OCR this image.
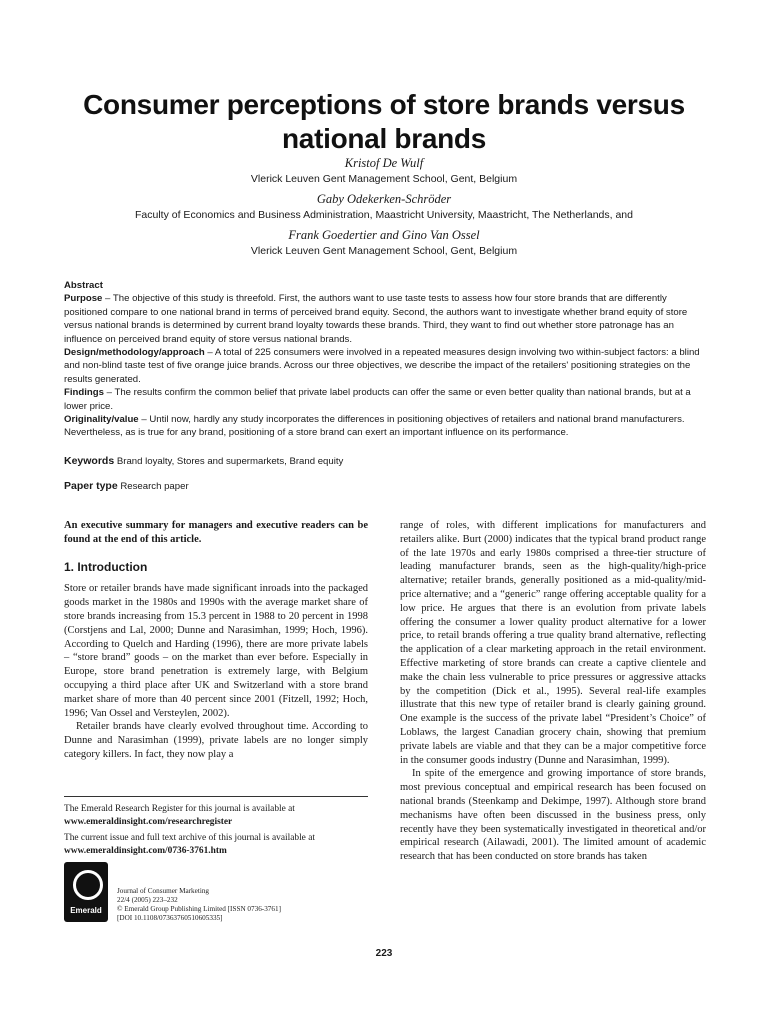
Consumer perceptions of store brands versus national brands
Kristof De Wulf
Vlerick Leuven Gent Management School, Gent, Belgium
Gaby Odekerken-Schröder
Faculty of Economics and Business Administration, Maastricht University, Maastricht, The Netherlands, and
Frank Goedertier and Gino Van Ossel
Vlerick Leuven Gent Management School, Gent, Belgium

Abstract

Purpose – The objective of this study is threefold. First, the authors want to use taste tests to assess how four store brands that are differently positioned compare to one national brand in terms of perceived brand equity. Second, the authors want to investigate whether brand equity of store versus national brands is determined by current brand loyalty towards these brands. Third, they want to find out whether store patronage has an influence on perceived brand equity of store versus national brands.

Design/methodology/approach – A total of 225 consumers were involved in a repeated measures design involving two within-subject factors: a blind and non-blind taste test of five orange juice brands. Across our three objectives, we describe the impact of the retailers' positioning strategies on the results generated.

Findings – The results confirm the common belief that private label products can offer the same or even better quality than national brands, but at a lower price.

Originality/value – Until now, hardly any study incorporates the differences in positioning objectives of retailers and national brand manufacturers. Nevertheless, as is true for any brand, positioning of a store brand can exert an important influence on its performance.

Keywords Brand loyalty, Stores and supermarkets, Brand equity
Paper type Research paper

An executive summary for managers and executive readers can be found at the end of this article.

1. Introduction

Store or retailer brands have made significant inroads into the packaged goods market in the 1980s and 1990s with the average market share of store brands increasing from 15.3 percent in 1988 to 20 percent in 1998 (Corstjens and Lal, 2000; Dunne and Narasimhan, 1999; Hoch, 1996). According to Quelch and Harding (1996), there are more private labels – “store brand” goods – on the market than ever before. Especially in Europe, store brand penetration is extremely large, with Belgium occupying a third place after UK and Switzerland with a store brand market share of more than 40 percent since 2001 (Fitzell, 1992; Hoch, 1996; Van Ossel and Versteylen, 2002).

Retailer brands have clearly evolved throughout time. According to Dunne and Narasimhan (1999), private labels are no longer simply category killers. In fact, they now play a

range of roles, with different implications for manufacturers and retailers alike. Burt (2000) indicates that the typical brand product range of the late 1970s and early 1980s comprised a three-tier structure of leading manufacturer brands, seen as the high-quality/high-price alternative; retailer brands, generally positioned as a mid-quality/mid-price alternative; and a “generic” range offering acceptable quality for a low price. He argues that there is an evolution from private labels offering the consumer a lower quality product alternative for a lower price, to retail brands offering a true quality brand alternative, reflecting the application of a clear marketing approach in the retail environment. Effective marketing of store brands can create a captive clientele and make the chain less vulnerable to price pressures or aggressive attacks by the competition (Dick et al., 1995). Several real-life examples illustrate that this new type of retailer brand is clearly gaining ground. One example is the success of the private label “President’s Choice” of Loblaws, the largest Canadian grocery chain, showing that premium private labels are viable and that they can be a major competitive force in the consumer goods industry (Dunne and Narasimhan, 1999).

In spite of the emergence and growing importance of store brands, most previous conceptual and empirical research has been focused on national brands (Steenkamp and Dekimpe, 1997). Although store brand mechanisms have often been discussed in the business press, only recently have they been systematically investigated in theoretical and/or empirical research (Ailawadi, 2001). The limited amount of academic research that has been conducted on store brands has taken

The Emerald Research Register for this journal is available at
www.emeraldinsight.com/researchregister

The current issue and full text archive of this journal is available at
www.emeraldinsight.com/0736-3761.htm

Emerald
Journal of Consumer Marketing
22/4 (2005) 223–232
© Emerald Group Publishing Limited [ISSN 0736-3761]
[DOI 10.1108/07363760510605335]
223
